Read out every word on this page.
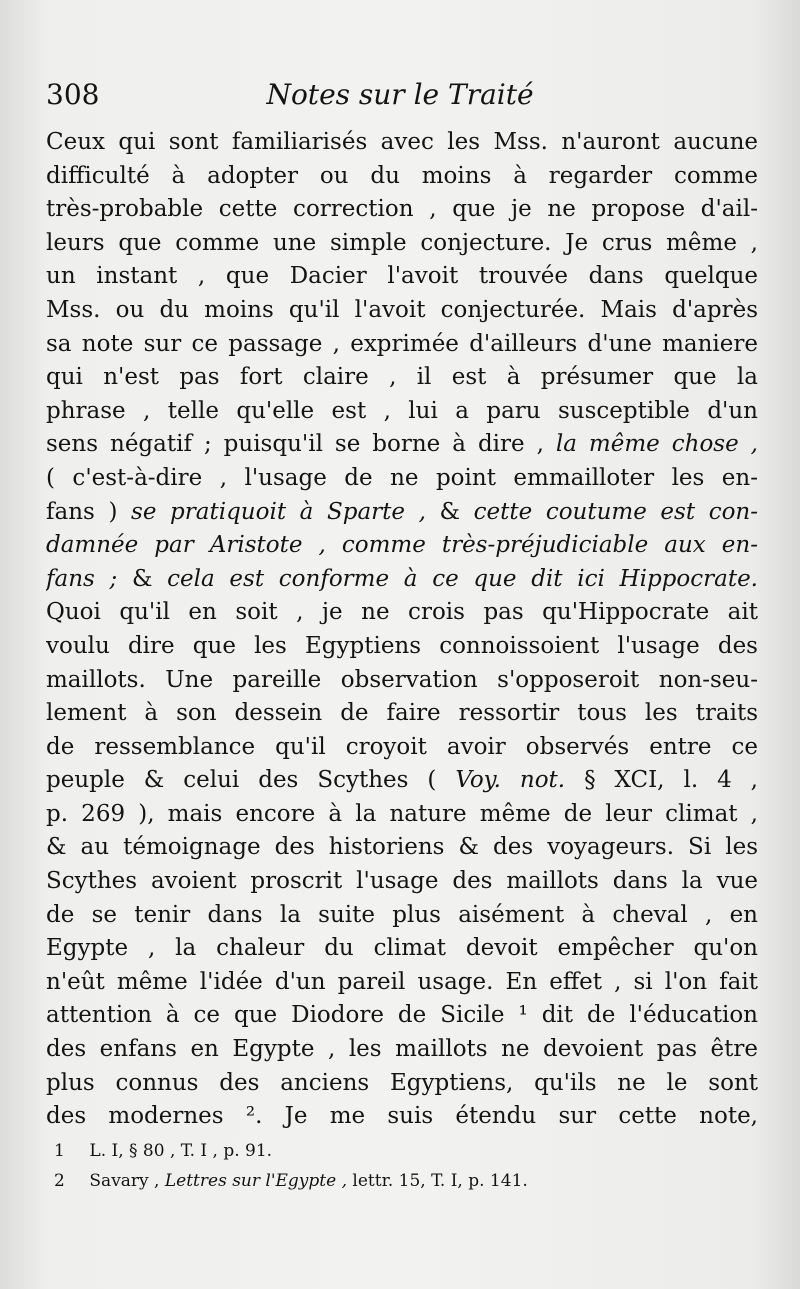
308	Notes sur le Traité
Ceux qui sont familiarisés avec les Mss. n'auront aucune
difficulté à adopter ou du moins à regarder comme
très-probable cette correction , que je ne propose d'ail-
leurs que comme une simple conjecture. Je crus même ,
un instant , que Dacier l'avoit trouvée dans quelque
Mss. ou du moins qu'il l'avoit conjecturée. Mais d'après
sa note sur ce passage , exprimée d'ailleurs d'une maniere
qui n'est pas fort claire , il est à présumer que la
phrase , telle qu'elle est , lui a paru susceptible d'un
sens négatif ; puisqu'il se borne à dire , la même chose ,
( c'est-à-dire , l'usage de ne point emmailloter les en-
fans ) se pratiquoit à Sparte , & cette coutume est con-
damnée par Aristote , comme très-préjudiciable aux en-
fans ; & cela est conforme à ce que dit ici Hippocrate.
Quoi qu'il en soit , je ne crois pas qu'Hippocrate ait
voulu dire que les Egyptiens connoissoient l'usage des
maillots. Une pareille observation s'opposeroit non-seu-
lement à son dessein de faire ressortir tous les traits
de ressemblance qu'il croyoit avoir observés entre ce
peuple & celui des Scythes ( Voy. not. § XCI, l. 4 ,
p. 269 ), mais encore à la nature même de leur climat ,
& au témoignage des historiens & des voyageurs. Si les
Scythes avoient proscrit l'usage des maillots dans la vue
de se tenir dans la suite plus aisément à cheval , en
Egypte , la chaleur du climat devoit empêcher qu'on
n'eût même l'idée d'un pareil usage. En effet , si l'on fait
attention à ce que Diodore de Sicile ¹ dit de l'éducation
des enfans en Egypte , les maillots ne devoient pas être
plus connus des anciens Egyptiens, qu'ils ne le sont
des modernes ². Je me suis étendu sur cette note,
1 L. I, § 80 , T. I , p. 91.
2 Savary , Lettres sur l'Egypte , lettr. 15, T. I, p. 141.
